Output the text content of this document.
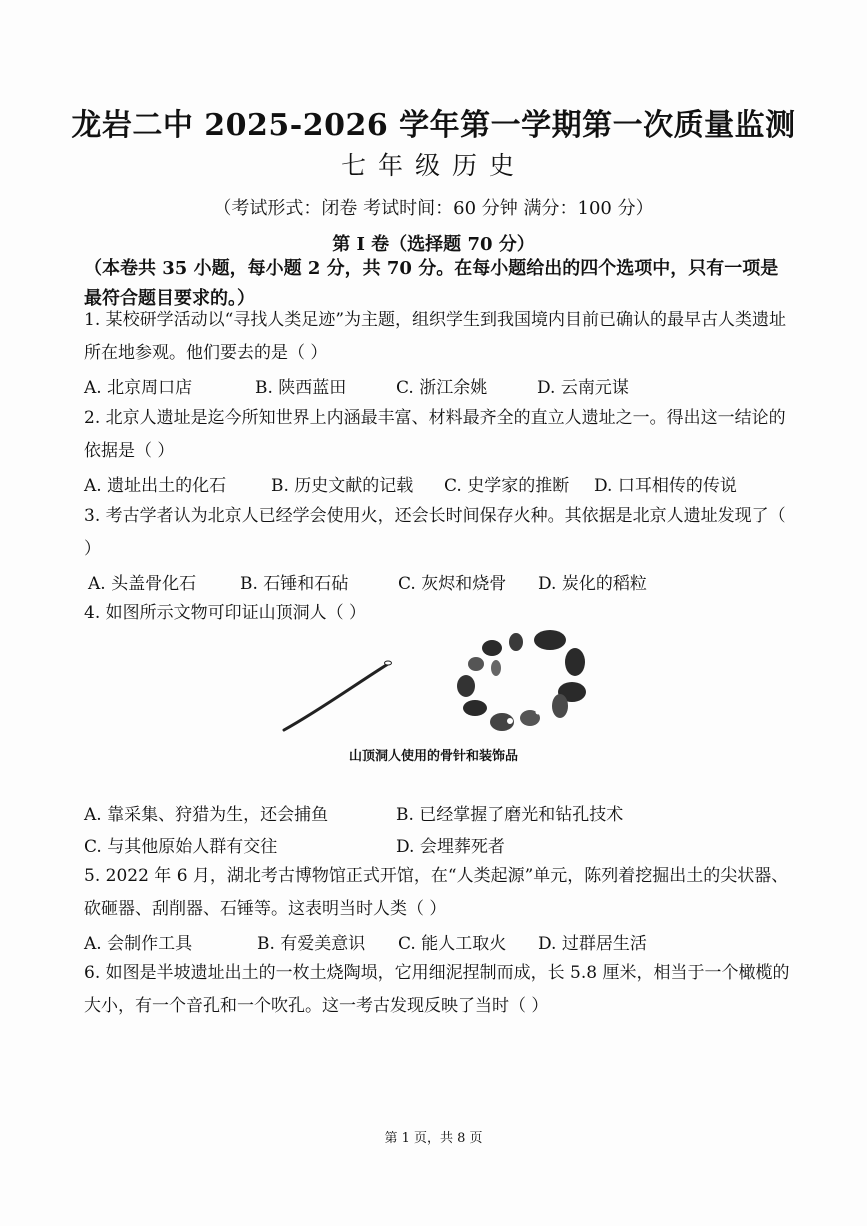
龙岩二中 2025-2026 学年第一学期第一次质量监测
七年级历史
（考试形式：闭卷 考试时间：60 分钟 满分：100 分）
第 I 卷（选择题 70 分）
（本卷共 35 小题，每小题 2 分，共 70 分。在每小题给出的四个选项中，只有一项是最符合题目要求的。）
1. 某校研学活动以“寻找人类足迹”为主题，组织学生到我国境内目前已确认的最早古人类遗址所在地参观。他们要去的是（ ）
A. 北京周口店	B. 陕西蓝田	C. 浙江余姚	D. 云南元谋
2. 北京人遗址是迄今所知世界上内涵最丰富、材料最齐全的直立人遗址之一。得出这一结论的依据是（ ）
A. 遗址出土的化石	B. 历史文献的记载 C. 史学家的推断 D. 口耳相传的传说
3. 考古学者认为北京人已经学会使用火，还会长时间保存火种。其依据是北京人遗址发现了（ ）
A. 头盖骨化石	B. 石锤和石砧	C. 灰烬和烧骨 D. 炭化的稻粒
4. 如图所示文物可印证山顶洞人（ ）
山顶洞人使用的骨针和装饰品
A. 靠采集、狩猎为生，还会捕鱼	B. 已经掌握了磨光和钻孔技术
C. 与其他原始人群有交往	D. 会埋葬死者
5. 2022 年 6 月，湖北考古博物馆正式开馆，在“人类起源”单元，陈列着挖掘出土的尖状器、砍砸器、刮削器、石锤等。这表明当时人类（ ）
A. 会制作工具	B. 有爱美意识 C. 能人工取火 D. 过群居生活
6. 如图是半坡遗址出土的一枚土烧陶埙，它用细泥捏制而成，长 5.8 厘米，相当于一个橄榄的大小，有一个音孔和一个吹孔。这一考古发现反映了当时（ ）
第 1 页，共 8 页
